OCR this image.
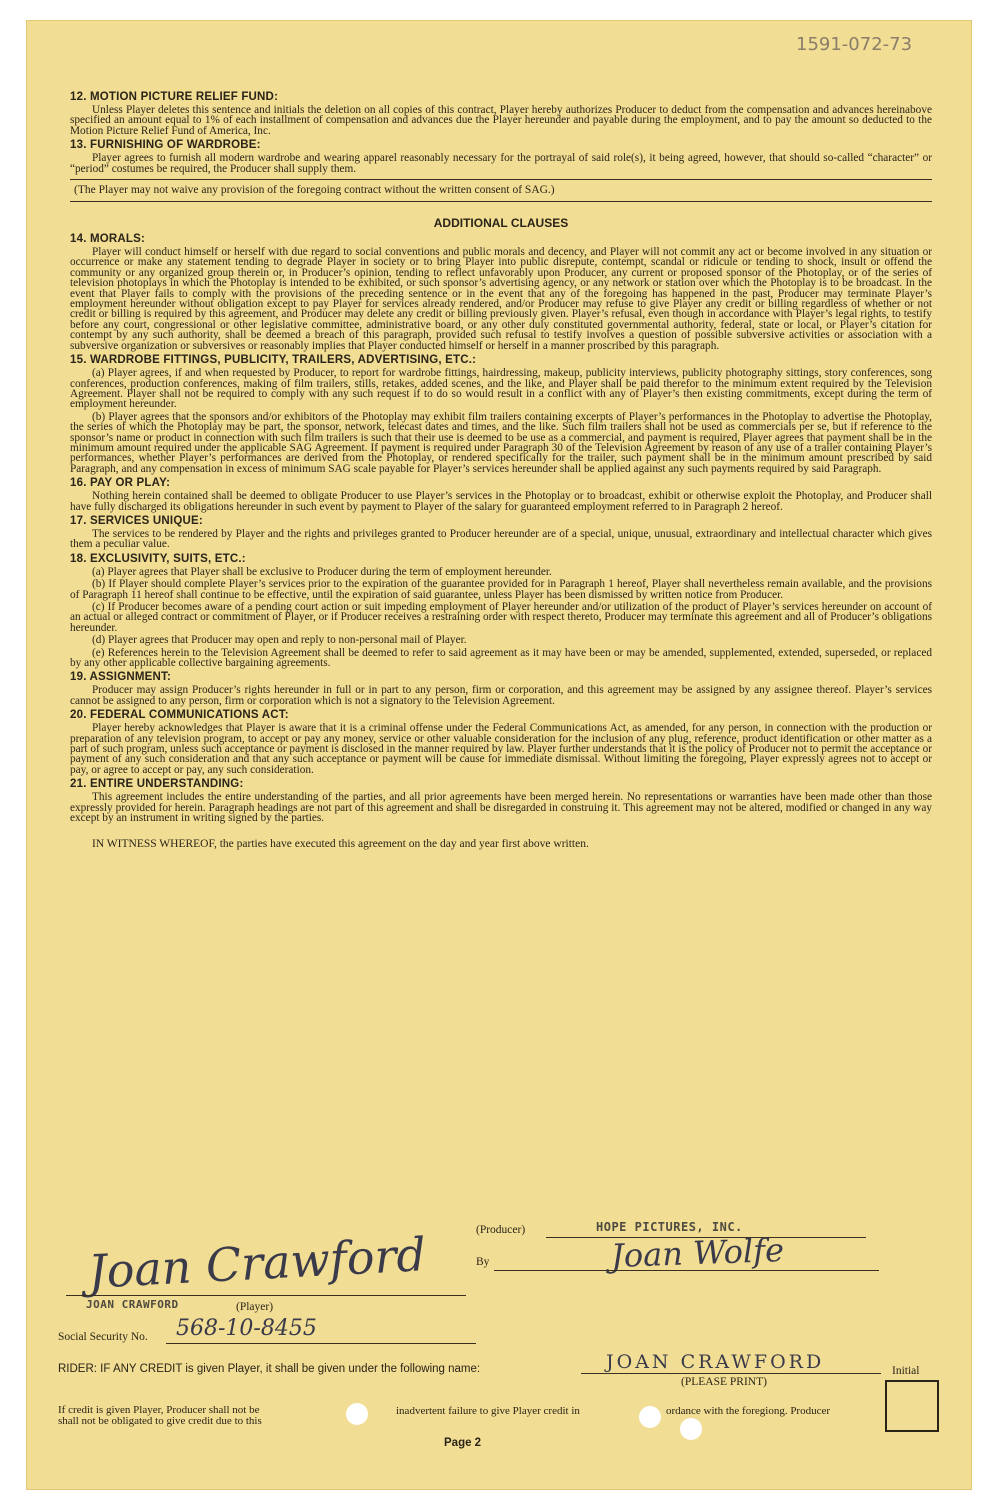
1591-072-73
12. MOTION PICTURE RELIEF FUND:
Unless Player deletes this sentence and initials the deletion on all copies of this contract, Player hereby authorizes Producer to deduct from the compensation and advances hereinabove specified an amount equal to 1% of each installment of compensation and advances due the Player hereunder and payable during the employment, and to pay the amount so deducted to the Motion Picture Relief Fund of America, Inc.
13. FURNISHING OF WARDROBE:
Player agrees to furnish all modern wardrobe and wearing apparel reasonably necessary for the portrayal of said role(s), it being agreed, however, that should so-called “character” or “period” costumes be required, the Producer shall supply them.
(The Player may not waive any provision of the foregoing contract without the written consent of SAG.)
ADDITIONAL CLAUSES
14. MORALS:
Player will conduct himself or herself with due regard to social conventions and public morals and decency, and Player will not commit any act or become involved in any situation or occurrence or make any statement tending to degrade Player in society or to bring Player into public disrepute, contempt, scandal or ridicule or tending to shock, insult or offend the community or any organized group therein or, in Producer’s opinion, tending to reflect unfavorably upon Producer, any current or proposed sponsor of the Photoplay, or of the series of television photoplays in which the Photoplay is intended to be exhibited, or such sponsor’s advertising agency, or any network or station over which the Photoplay is to be broadcast. In the event that Player fails to comply with the provisions of the preceding sentence or in the event that any of the foregoing has happened in the past, Producer may terminate Player’s employment hereunder without obligation except to pay Player for services already rendered, and/or Producer may refuse to give Player any credit or billing regardless of whether or not credit or billing is required by this agreement, and Producer may delete any credit or billing previously given. Player’s refusal, even though in accordance with Player’s legal rights, to testify before any court, congressional or other legislative committee, administrative board, or any other duly constituted governmental authority, federal, state or local, or Player’s citation for contempt by any such authority, shall be deemed a breach of this paragraph, provided such refusal to testify involves a question of possible subversive activities or association with a subversive organization or subversives or reasonably implies that Player conducted himself or herself in a manner proscribed by this paragraph.
15. WARDROBE FITTINGS, PUBLICITY, TRAILERS, ADVERTISING, ETC.:
(a) Player agrees, if and when requested by Producer, to report for wardrobe fittings, hairdressing, makeup, publicity interviews, publicity photography sittings, story conferences, song conferences, production conferences, making of film trailers, stills, retakes, added scenes, and the like, and Player shall be paid therefor to the minimum extent required by the Television Agreement. Player shall not be required to comply with any such request if to do so would result in a conflict with any of Player’s then existing commitments, except during the term of employment hereunder.
(b) Player agrees that the sponsors and/or exhibitors of the Photoplay may exhibit film trailers containing excerpts of Player’s performances in the Photoplay to advertise the Photoplay, the series of which the Photoplay may be part, the sponsor, network, telecast dates and times, and the like. Such film trailers shall not be used as commercials per se, but if reference to the sponsor’s name or product in connection with such film trailers is such that their use is deemed to be use as a commercial, and payment is required, Player agrees that payment shall be in the minimum amount required under the applicable SAG Agreement. If payment is required under Paragraph 30 of the Television Agreement by reason of any use of a trailer containing Player’s performances, whether Player’s performances are derived from the Photoplay, or rendered specifically for the trailer, such payment shall be in the minimum amount prescribed by said Paragraph, and any compensation in excess of minimum SAG scale payable for Player’s services hereunder shall be applied against any such payments required by said Paragraph.
16. PAY OR PLAY:
Nothing herein contained shall be deemed to obligate Producer to use Player’s services in the Photoplay or to broadcast, exhibit or otherwise exploit the Photoplay, and Producer shall have fully discharged its obligations hereunder in such event by payment to Player of the salary for guaranteed employment referred to in Paragraph 2 hereof.
17. SERVICES UNIQUE:
The services to be rendered by Player and the rights and privileges granted to Producer hereunder are of a special, unique, unusual, extraordinary and intellectual character which gives them a peculiar value.
18. EXCLUSIVITY, SUITS, ETC.:
(a) Player agrees that Player shall be exclusive to Producer during the term of employment hereunder.
(b) If Player should complete Player’s services prior to the expiration of the guarantee provided for in Paragraph 1 hereof, Player shall nevertheless remain available, and the provisions of Paragraph 11 hereof shall continue to be effective, until the expiration of said guarantee, unless Player has been dismissed by written notice from Producer.
(c) If Producer becomes aware of a pending court action or suit impeding employment of Player hereunder and/or utilization of the product of Player’s services hereunder on account of an actual or alleged contract or commitment of Player, or if Producer receives a restraining order with respect thereto, Producer may terminate this agreement and all of Producer’s obligations hereunder.
(d) Player agrees that Producer may open and reply to non-personal mail of Player.
(e) References herein to the Television Agreement shall be deemed to refer to said agreement as it may have been or may be amended, supplemented, extended, superseded, or replaced by any other applicable collective bargaining agreements.
19. ASSIGNMENT:
Producer may assign Producer’s rights hereunder in full or in part to any person, firm or corporation, and this agreement may be assigned by any assignee thereof. Player’s services cannot be assigned to any person, firm or corporation which is not a signatory to the Television Agreement.
20. FEDERAL COMMUNICATIONS ACT:
Player hereby acknowledges that Player is aware that it is a criminal offense under the Federal Communications Act, as amended, for any person, in connection with the production or preparation of any television program, to accept or pay any money, service or other valuable consideration for the inclusion of any plug, reference, product identification or other matter as a part of such program, unless such acceptance or payment is disclosed in the manner required by law. Player further understands that it is the policy of Producer not to permit the acceptance or payment of any such consideration and that any such acceptance or payment will be cause for immediate dismissal. Without limiting the foregoing, Player expressly agrees not to accept or pay, or agree to accept or pay, any such consideration.
21. ENTIRE UNDERSTANDING:
This agreement includes the entire understanding of the parties, and all prior agreements have been merged herein. No representations or warranties have been made other than those expressly provided for herein. Paragraph headings are not part of this agreement and shall be disregarded in construing it. This agreement may not be altered, modified or changed in any way except by an instrument in writing signed by the parties.
IN WITNESS WHEREOF, the parties have executed this agreement on the day and year first above written.
(Producer)	HOPE PICTURES, INC.
By	Joan Wolfe
Joan Crawford
JOAN CRAWFORD	(Player)
Social Security No. 568-10-8455
RIDER: IF ANY CREDIT is given Player, it shall be given under the following name:	JOAN CRAWFORD
(PLEASE PRINT)
Initial
If credit is given Player, Producer shall not be
shall not be obligated to give credit due to this
inadvertent failure to give Player credit in	ordance with the foregiong. Producer
Page 2
